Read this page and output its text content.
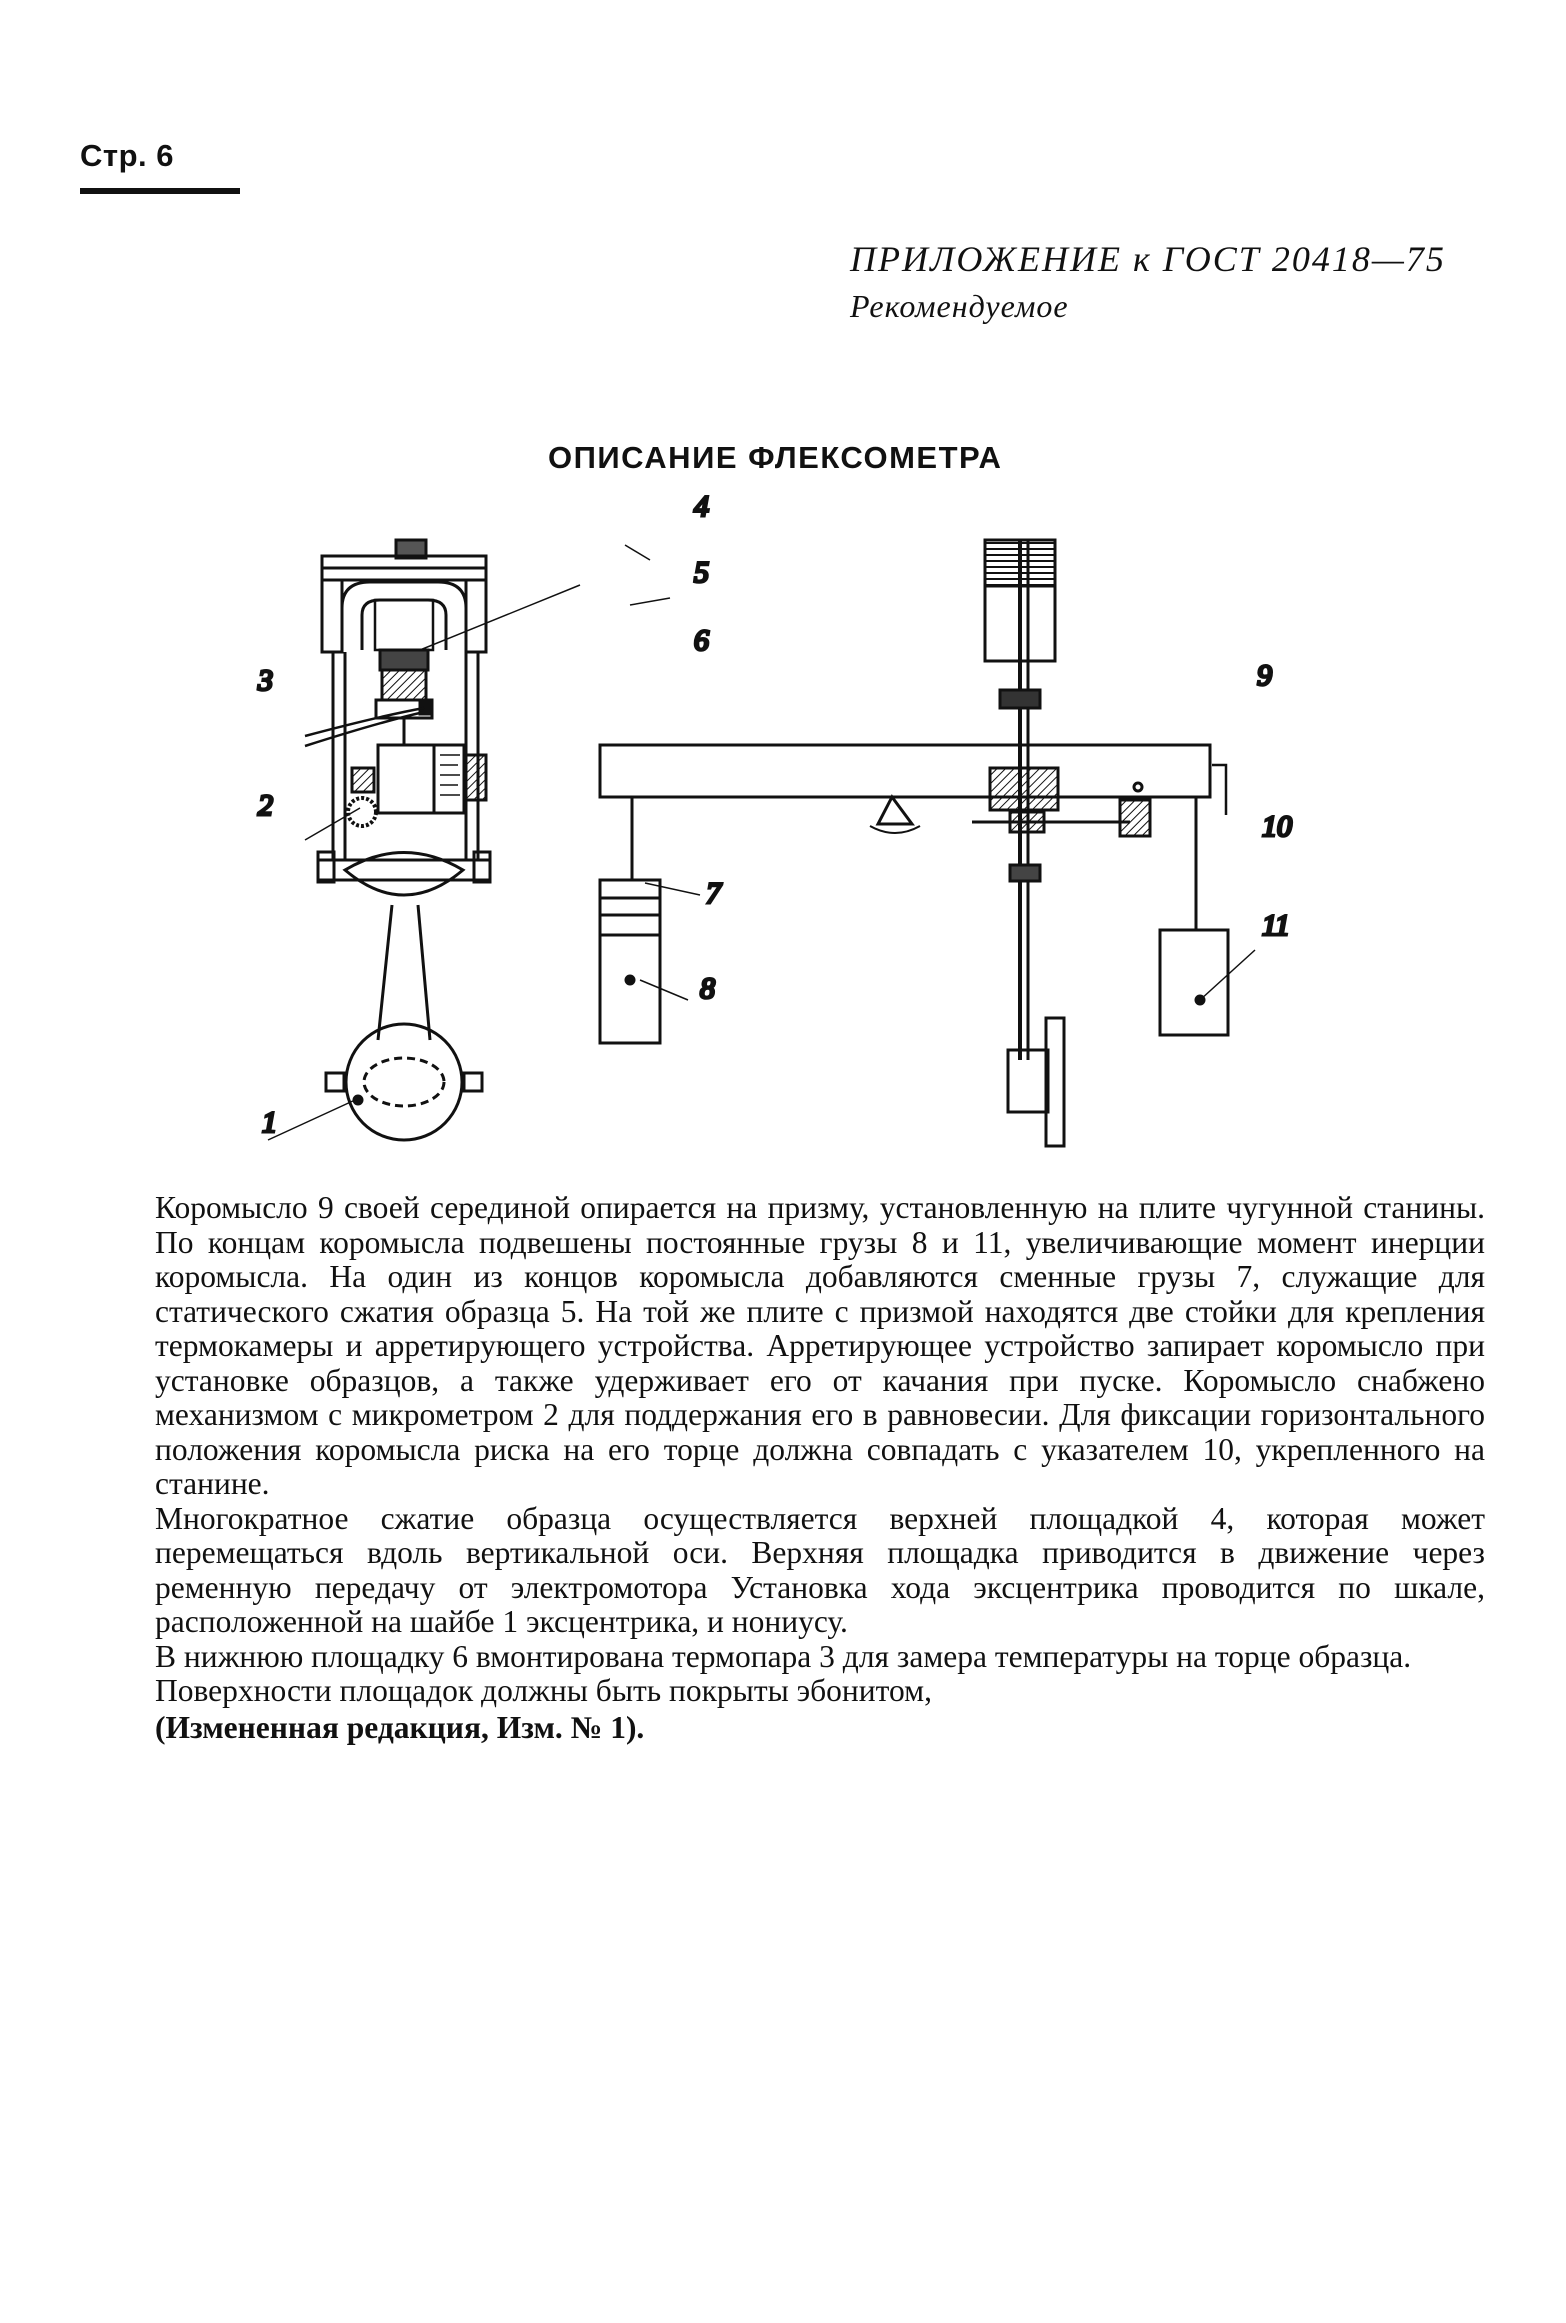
Стр. 6
ПРИЛОЖЕНИЕ к ГОСТ 20418—75
Рекомендуемое
ОПИСАНИЕ ФЛЕКСОМЕТРА
1
2
3
4
5
6
7
8
9
10
11

Коромысло 9 своей серединой опирается на призму, установленную на плите чугунной станины. По концам коромысла подвешены постоянные грузы 8 и 11, увеличивающие момент инерции коромысла. На один из концов коромысла добавляются сменные грузы 7, служащие для статического сжатия образца 5. На той же плите с призмой находятся две стойки для крепления термокамеры и арретирующего устройства. Арретирующее устройство запирает коромысло при установке образцов, а также удерживает его от качания при пуске. Коромысло снабжено механизмом с микрометром 2 для поддержания его в равновесии. Для фиксации горизонтального положения коромысла риска на его торце должна совпадать с указателем 10, укрепленного на станине.

Многократное сжатие образца осуществляется верхней площадкой 4, которая может перемещаться вдоль вертикальной оси. Верхняя площадка приводится в движение через ременную передачу от электромотора Установка хода эксцентрика проводится по шкале, расположенной на шайбе 1 эксцентрика, и нониусу.

В нижнюю площадку 6 вмонтирована термопара 3 для замера температуры на торце образца.

Поверхности площадок должны быть покрыты эбонитом,

(Измененная редакция, Изм. № 1).
